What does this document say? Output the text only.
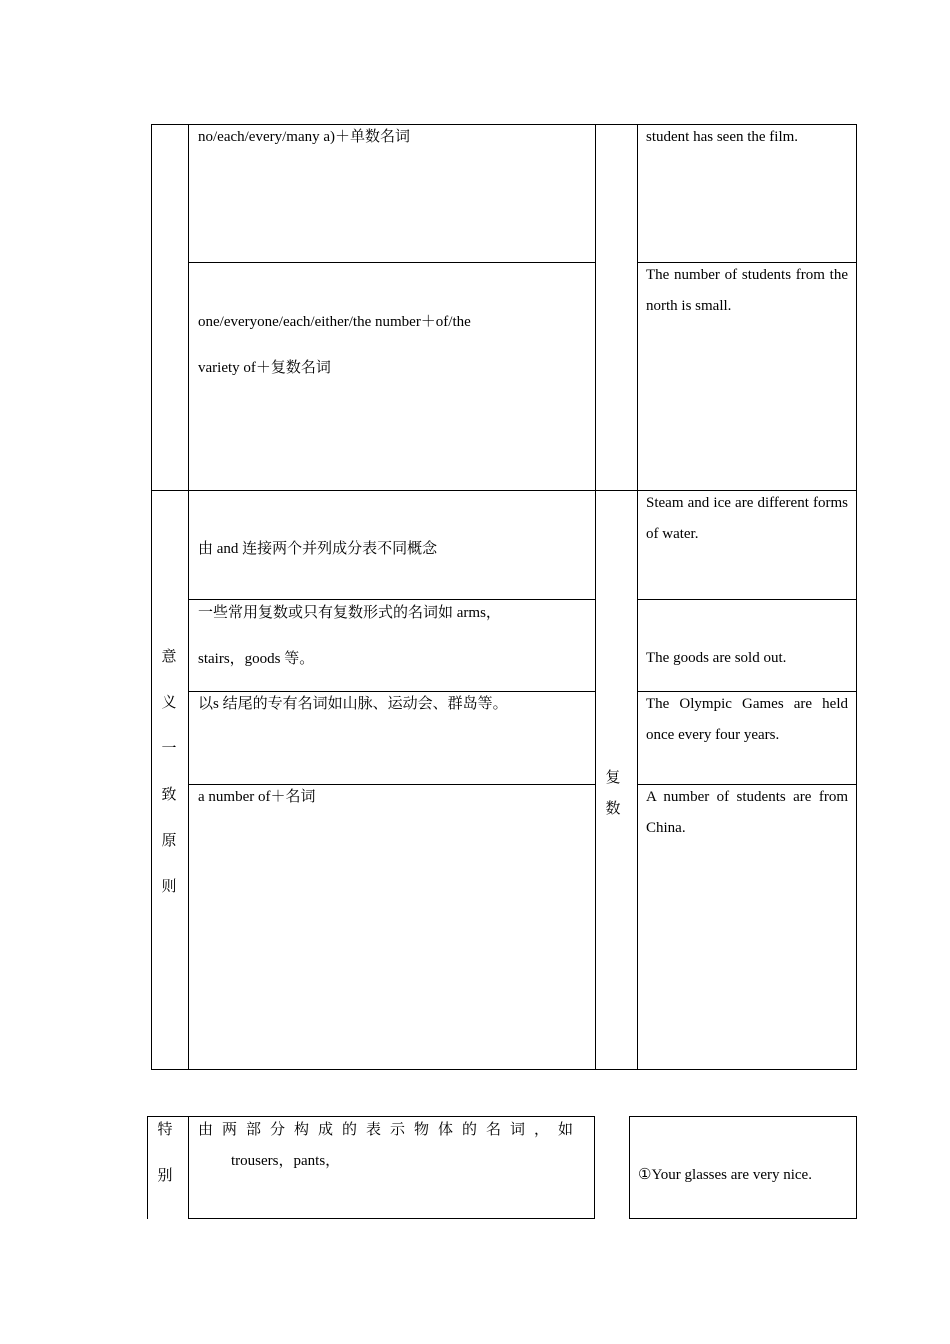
no/each/every/many a)＋单数名词
one/everyone/each/either/the number＋of/the
variety of＋复数名词
student has seen the film.
The number of students from the north is small.
意
义
一
致
原
则
复
数
由 and 连接两个并列成分表不同概念
一些常用复数或只有复数形式的名词如 arms，
stairs，goods 等。
以s 结尾的专有名词如山脉、运动会、群岛等。
a number of＋名词
Steam and ice are different forms of water.
The goods are sold out.
The Olympic Games are held once every four years.
A number of students are from China.
特
别
由两部分构成的表示物体的名词，如
trousers，pants，
①Your glasses are very nice.
